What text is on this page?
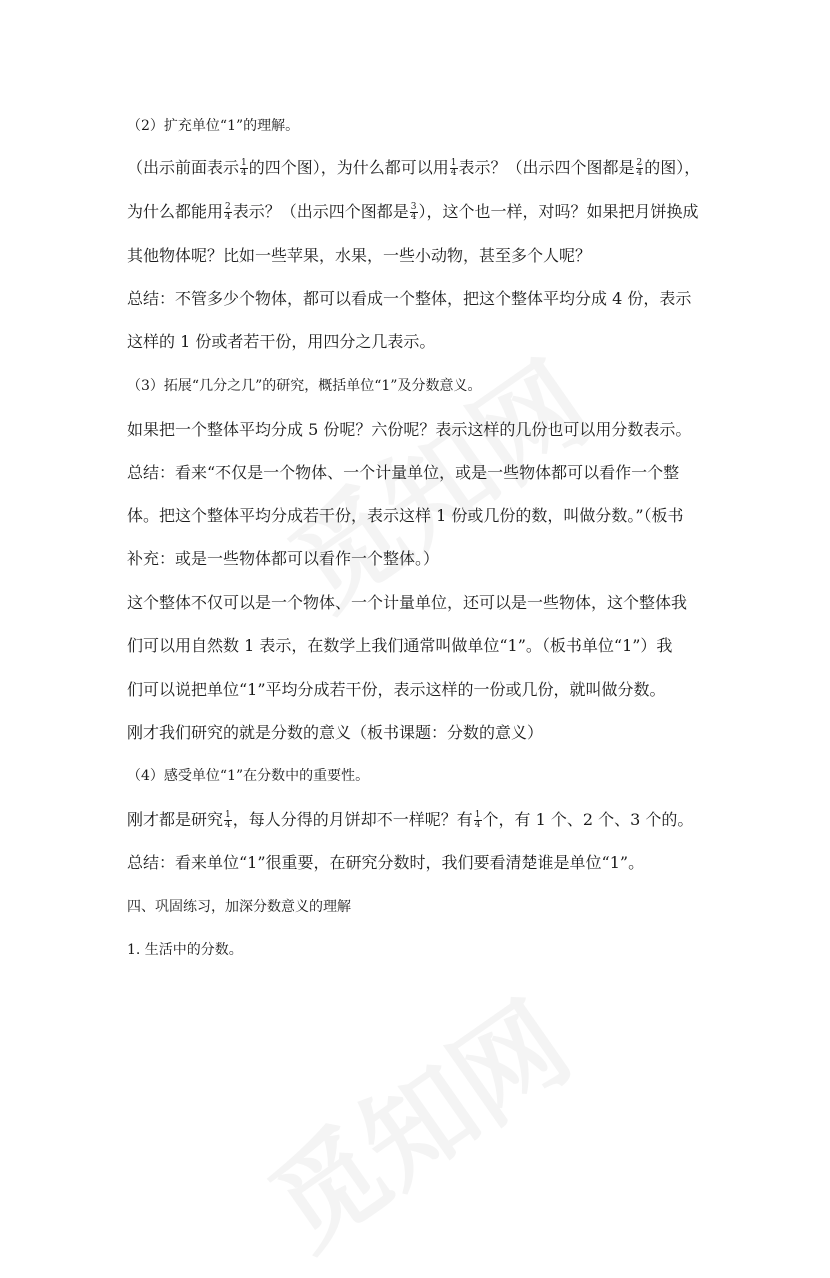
（2）扩充单位“1”的理解。
（出示前面表示 $\frac{1}{4}$ 的四个图），为什么都可以用 $\frac{1}{4}$ 表示？（出示四个图都是 $\frac{2}{4}$ 的图），
为什么都能用 $\frac{2}{4}$ 表示？（出示四个图都是 $\frac{3}{4}$ ），这个也一样，对吗？如果把月饼换成
其他物体呢？比如一些苹果，水果，一些小动物，甚至多个人呢？
总结：不管多少个物体，都可以看成一个整体，把这个整体平均分成 4 份，表示
这样的 1 份或者若干份，用四分之几表示。
（3）拓展“几分之几”的研究，概括单位“1”及分数意义。
如果把一个整体平均分成 5 份呢？六份呢？表示这样的几份也可以用分数表示。
总结：看来“不仅是一个物体、一个计量单位，或是一些物体都可以看作一个整
体。把这个整体平均分成若干份，表示这样 1 份或几份的数，叫做分数。”（板书
补充：或是一些物体都可以看作一个整体。）
这个整体不仅可以是一个物体、一个计量单位，还可以是一些物体，这个整体我
们可以用自然数 1 表示，在数学上我们通常叫做单位“1”。（板书单位“1”）我
们可以说把单位“1”平均分成若干份，表示这样的一份或几份，就叫做分数。
刚才我们研究的就是分数的意义（板书课题：分数的意义）
（4）感受单位“1”在分数中的重要性。
刚才都是研究 $\frac{1}{4}$ ，每人分得的月饼却不一样呢？有 $\frac{1}{4}$ 个，有 1 个、2 个、3 个的。
总结：看来单位“1”很重要，在研究分数时，我们要看清楚谁是单位“1”。
四、巩固练习，加深分数意义的理解
1. 生活中的分数。
